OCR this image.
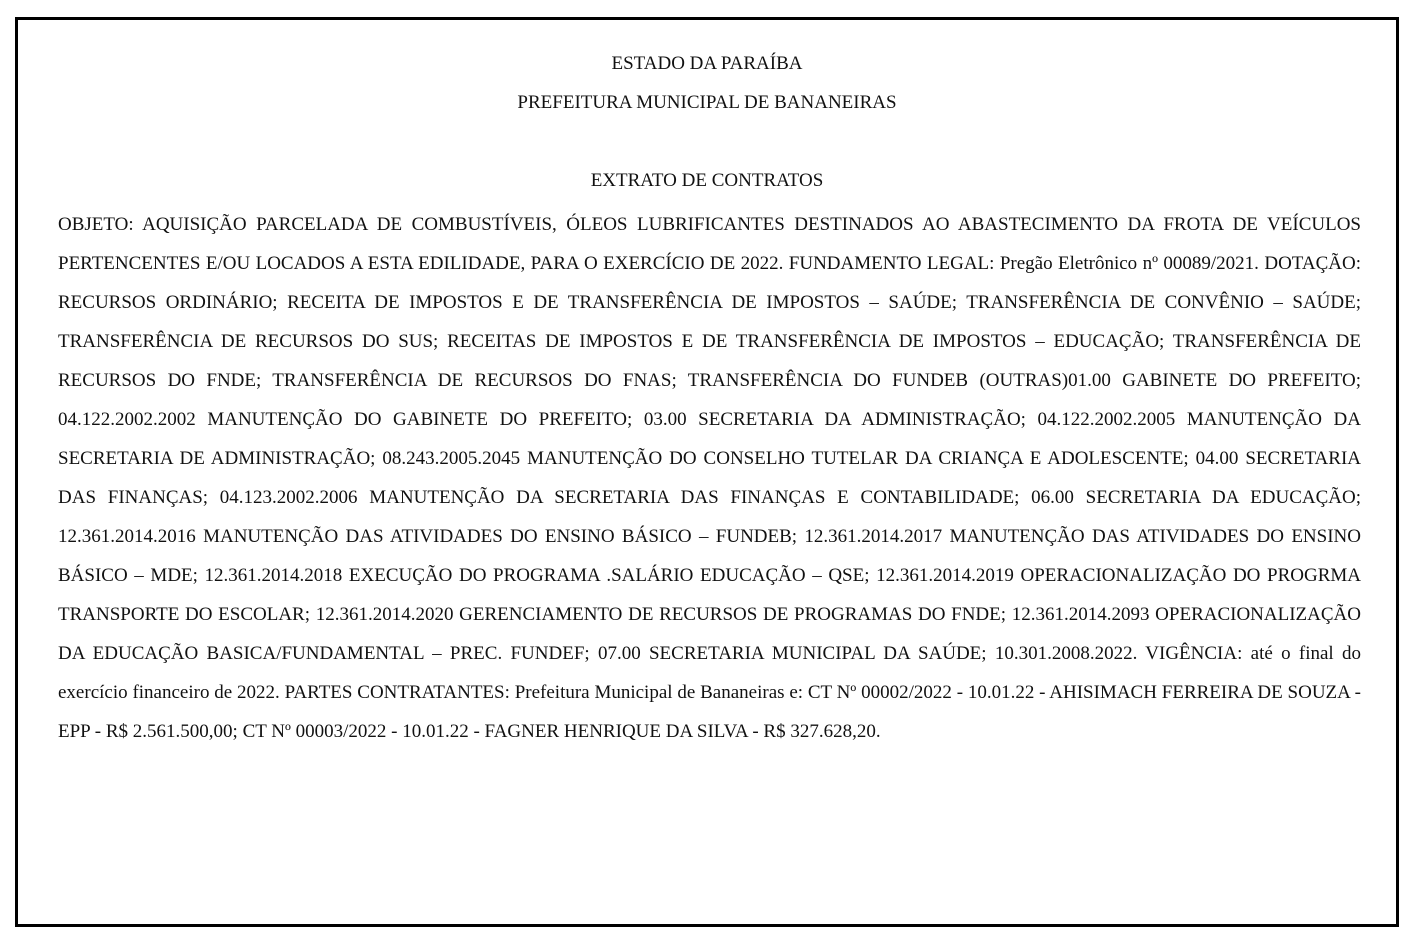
ESTADO DA PARAÍBA
PREFEITURA MUNICIPAL DE BANANEIRAS
EXTRATO DE CONTRATOS
OBJETO: AQUISIÇÃO PARCELADA DE COMBUSTÍVEIS, ÓLEOS LUBRIFICANTES DESTINADOS AO ABASTECIMENTO DA FROTA DE VEÍCULOS PERTENCENTES E/OU LOCADOS A ESTA EDILIDADE, PARA O EXERCÍCIO DE 2022. FUNDAMENTO LEGAL: Pregão Eletrônico nº 00089/2021. DOTAÇÃO: RECURSOS ORDINÁRIO; RECEITA DE IMPOSTOS E DE TRANSFERÊNCIA DE IMPOSTOS – SAÚDE; TRANSFERÊNCIA DE CONVÊNIO – SAÚDE; TRANSFERÊNCIA DE RECURSOS DO SUS; RECEITAS DE IMPOSTOS E DE TRANSFERÊNCIA DE IMPOSTOS – EDUCAÇÃO; TRANSFERÊNCIA DE RECURSOS DO FNDE; TRANSFERÊNCIA DE RECURSOS DO FNAS; TRANSFERÊNCIA DO FUNDEB (OUTRAS)01.00 GABINETE DO PREFEITO; 04.122.2002.2002 MANUTENÇÃO DO GABINETE DO PREFEITO; 03.00 SECRETARIA DA ADMINISTRAÇÃO; 04.122.2002.2005 MANUTENÇÃO DA SECRETARIA DE ADMINISTRAÇÃO; 08.243.2005.2045 MANUTENÇÃO DO CONSELHO TUTELAR DA CRIANÇA E ADOLESCENTE; 04.00 SECRETARIA DAS FINANÇAS; 04.123.2002.2006 MANUTENÇÃO DA SECRETARIA DAS FINANÇAS E CONTABILIDADE; 06.00 SECRETARIA DA EDUCAÇÃO; 12.361.2014.2016 MANUTENÇÃO DAS ATIVIDADES DO ENSINO BÁSICO – FUNDEB; 12.361.2014.2017 MANUTENÇÃO DAS ATIVIDADES DO ENSINO BÁSICO – MDE; 12.361.2014.2018 EXECUÇÃO DO PROGRAMA .SALÁRIO EDUCAÇÃO – QSE; 12.361.2014.2019 OPERACIONALIZAÇÃO DO PROGRMA TRANSPORTE DO ESCOLAR; 12.361.2014.2020 GERENCIAMENTO DE RECURSOS DE PROGRAMAS DO FNDE; 12.361.2014.2093 OPERACIONALIZAÇÃO DA EDUCAÇÃO BASICA/FUNDAMENTAL – PREC. FUNDEF; 07.00 SECRETARIA MUNICIPAL DA SAÚDE; 10.301.2008.2022. VIGÊNCIA: até o final do exercício financeiro de 2022. PARTES CONTRATANTES: Prefeitura Municipal de Bananeiras e: CT Nº 00002/2022 - 10.01.22 - AHISIMACH FERREIRA DE SOUZA - EPP - R$ 2.561.500,00; CT Nº 00003/2022 - 10.01.22 - FAGNER HENRIQUE DA SILVA - R$ 327.628,20.
